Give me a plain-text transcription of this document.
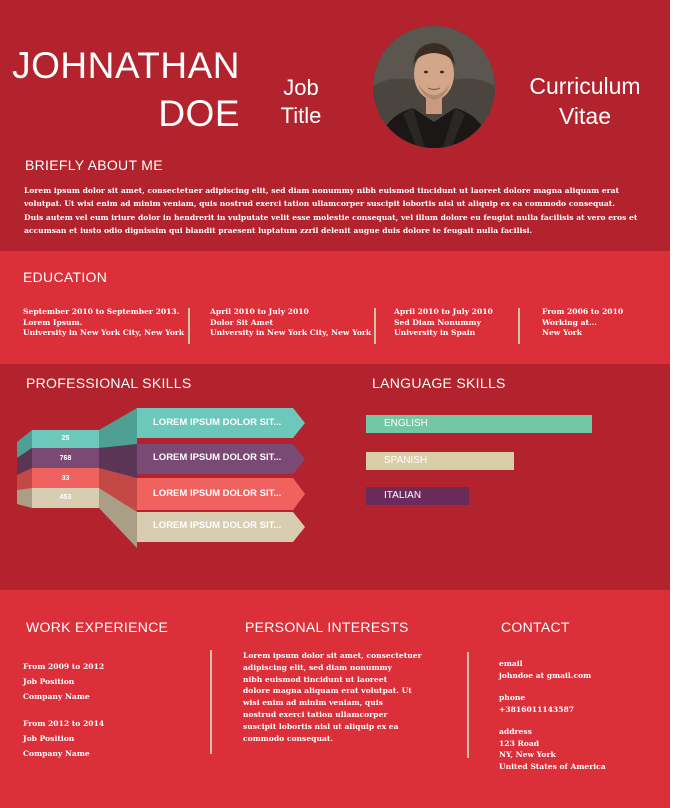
JOHNATHAN
DOE
Job
Title
Curriculum
Vitae
BRIEFLY ABOUT ME

Lorem ipsum dolor sit amet, consectetuer adipiscing elit, sed diam nonummy nibh euismod tincidunt ut laoreet dolore magna aliquam erat volutpat. Ut wisi enim ad minim veniam, quis nostrud exerci tation ullamcorper suscipit lobortis nisl ut aliquip ex ea commodo consequat.

Duis autem vel eum iriure dolor in hendrerit in vulputate velit esse molestie consequat, vel illum dolore eu feugiat nulla facilisis at vero eros et accumsan et iusto odio dignissim qui blandit praesent luptatum zzril delenit augue duis dolore te feugait nulla facilisi.

EDUCATION
September 2010 to September 2013.
Lorem Ipsum.
University in New York City, New York
April 2010 to July 2010
Dolor Sit Amet
University in New York City, New York
April 2010 to July 2010
Sed Diam Nonummy
University in Spain
From 2006 to 2010
Working at...
New York
PROFESSIONAL SKILLS	LANGUAGE SKILLS
25
768
33
453
LOREM IPSUM DOLOR SIT...
LOREM IPSUM DOLOR SIT...
LOREM IPSUM DOLOR SIT...
LOREM IPSUM DOLOR SIT...
ENGLISH
SPANISH
ITALIAN
WORK EXPERIENCE	PERSONAL INTERESTS	CONTACT
From 2009 to 2012
Job Position
Company Name
From 2012 to 2014
Job Position
Company Name
Lorem ipsum dolor sit amet, consectetuer
adipiscing elit, sed diam nonummy
nibh euismod tincidunt ut laoreet
dolore magna aliquam erat volutpat. Ut
wisi enim ad minim veniam, quis
nostrud exerci tation ullamcorper
suscipit lobortis nisl ut aliquip ex ea
commodo consequat.
email
johndoe at gmail.com
phone
+3816011143587
address
123 Road
NY, New York
United States of America
